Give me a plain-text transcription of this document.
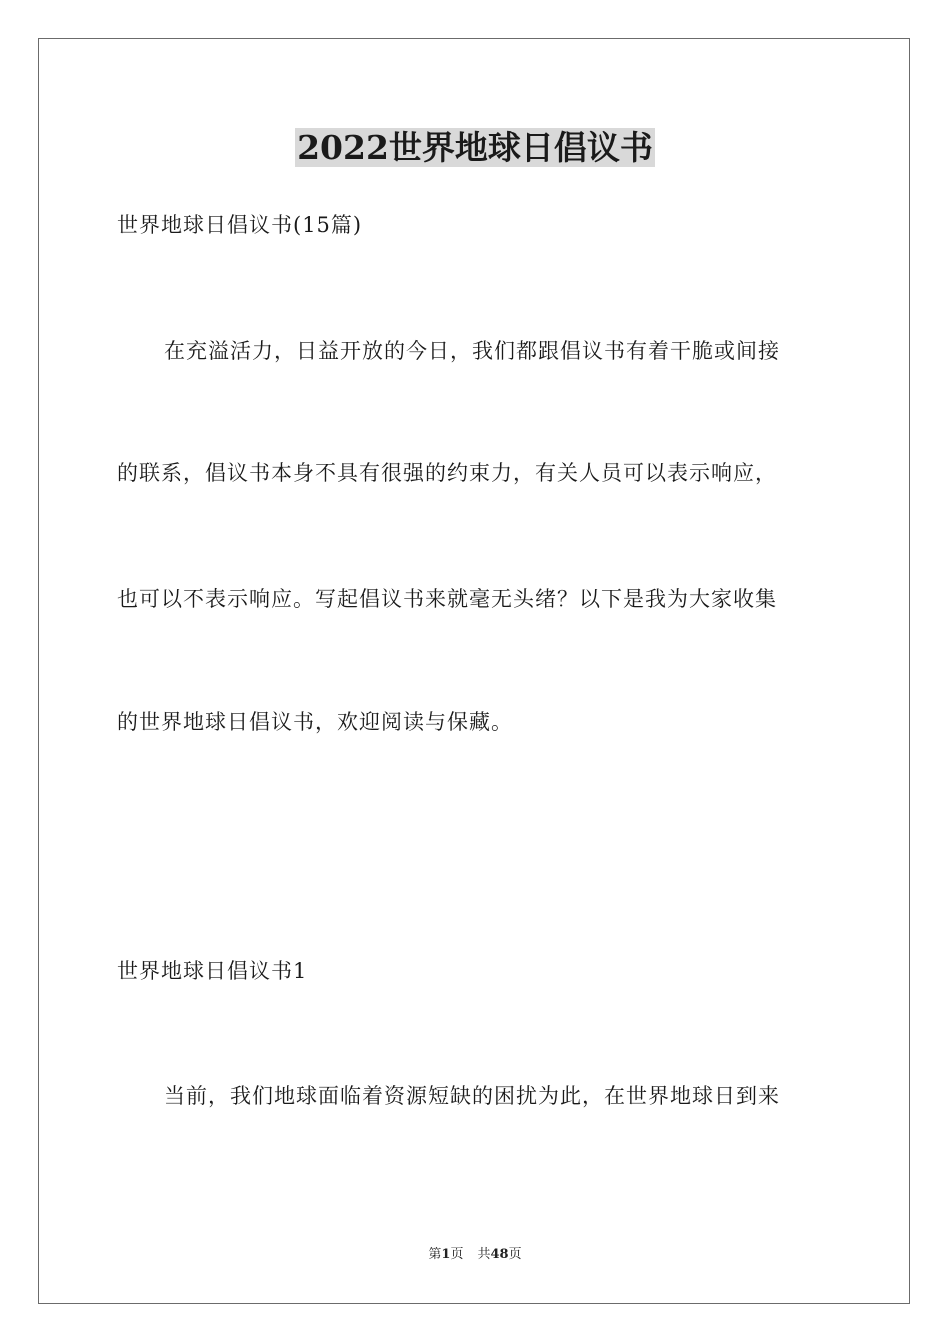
2022世界地球日倡议书
世界地球日倡议书(15篇)
在充溢活力，日益开放的今日，我们都跟倡议书有着干脆或间接
的联系，倡议书本身不具有很强的约束力，有关人员可以表示响应，
也可以不表示响应。写起倡议书来就毫无头绪？以下是我为大家收集
的世界地球日倡议书，欢迎阅读与保藏。
世界地球日倡议书1
当前，我们地球面临着资源短缺的困扰为此，在世界地球日到来
第1页 共48页
